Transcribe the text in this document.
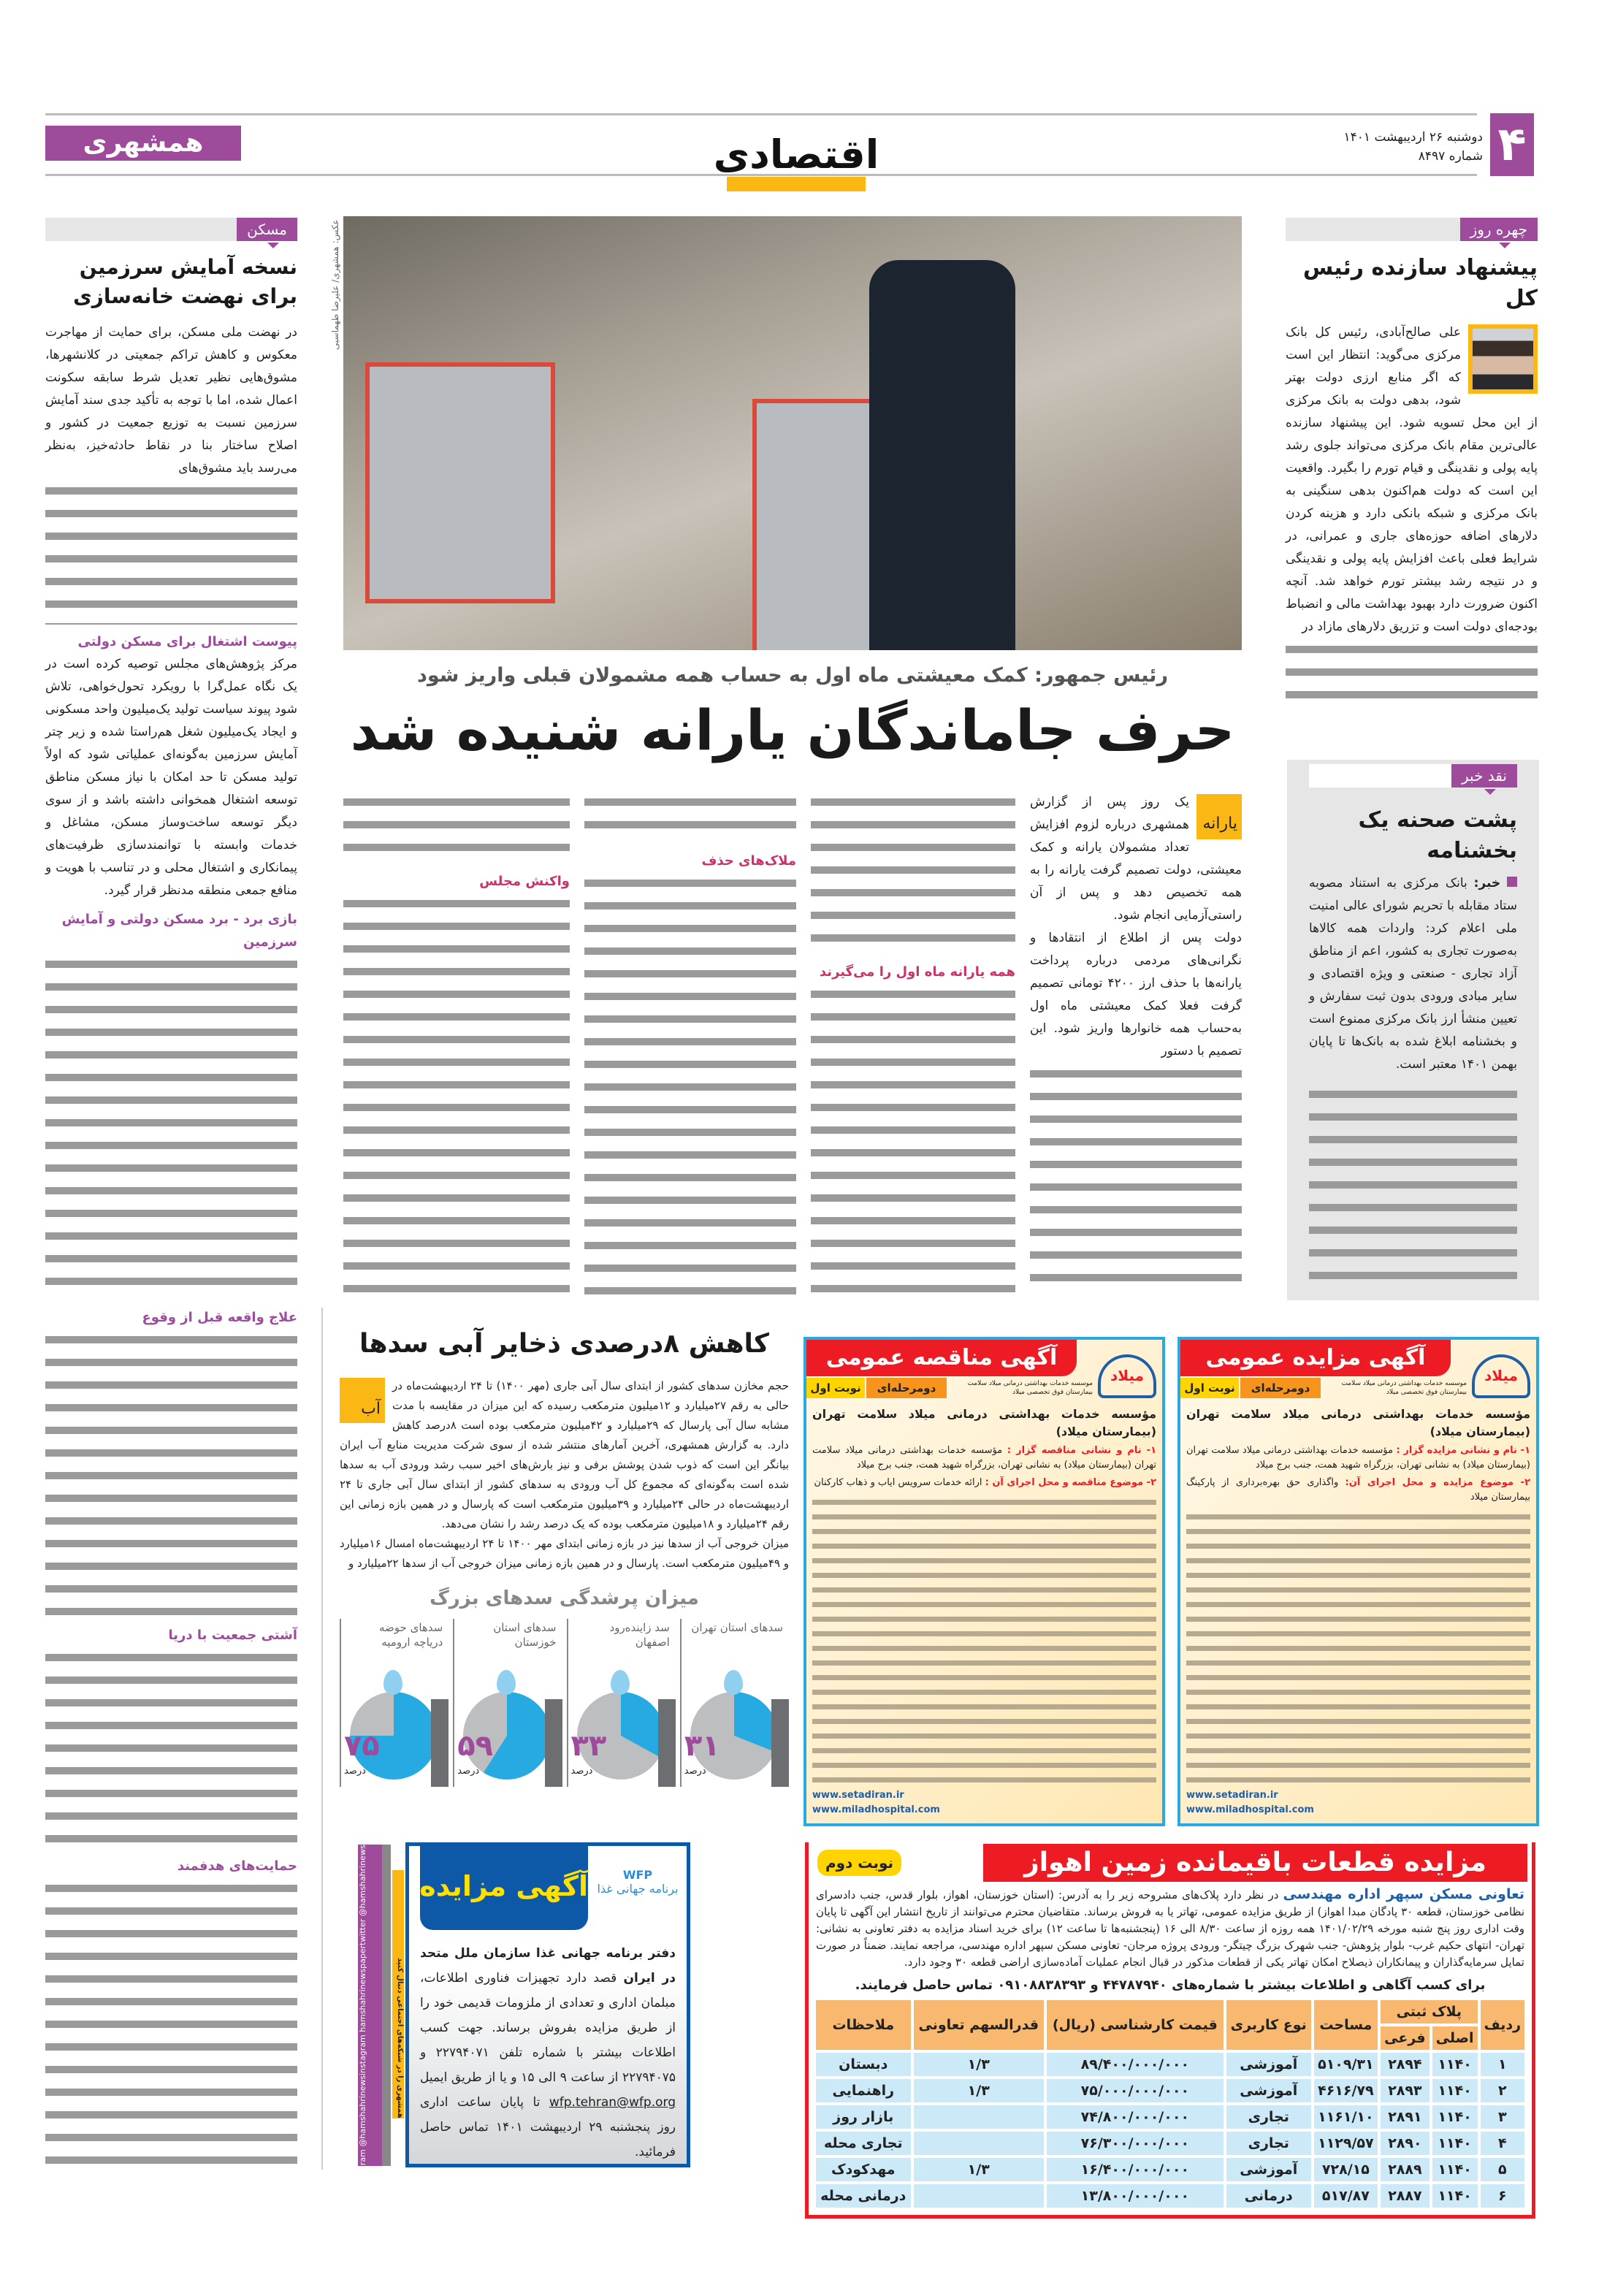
۴
دوشنبه ۲۶ اردیبهشت ۱۴۰۱
شماره ۸۴۹۷
اقتصادی
همشهری
چهره روز
پیشنهاد سازنده رئیس کل
علی صالح‌آبادی، رئیس کل بانک مرکزی می‌گوید: انتظار این است که اگر منابع ارزی دولت بهتر شود، بدهی دولت به بانک مرکزی از این محل تسویه شود. این پیشنهاد سازنده عالی‌ترین مقام بانک مرکزی می‌تواند جلوی رشد پایه پولی و نقدینگی و قیام تورم را بگیرد. واقعیت این است که دولت هم‌اکنون بدهی سنگینی به بانک مرکزی و شبکه بانکی دارد و هزینه کردن دلارهای اضافه حوزه‌های جاری و عمرانی، در شرایط فعلی باعث افزایش پایه پولی و نقدینگی و در نتیجه رشد بیشتر تورم خواهد شد. آنچه اکنون ضرورت دارد بهبود بهداشت مالی و انضباط بودجه‌ای دولت است و تزریق دلارهای مازاد در
نقد خبر
پشت صحنه یک بخشنامه
خبر: بانک مرکزی به استناد مصوبه ستاد مقابله با تحریم شورای عالی امنیت ملی اعلام کرد: واردات همه کالاها به‌صورت تجاری به کشور، اعم از مناطق آزاد تجاری - صنعتی و ویژه اقتصادی و سایر مبادی ورودی بدون ثبت سفارش و تعیین منشأ ارز بانک مرکزی ممنوع است و بخشنامه ابلاغ شده به بانک‌ها تا پایان بهمن ۱۴۰۱ معتبر است.
مسکن
نسخه آمایش سرزمین برای نهضت خانه‌سازی
در نهضت ملی مسکن، برای حمایت از مهاجرت معکوس و کاهش تراکم جمعیتی در کلانشهرها، مشوق‌هایی نظیر تعدیل شرط سابقه سکونت اعمال شده، اما با توجه به تأکید جدی سند آمایش سرزمین نسبت به توزیع جمعیت در کشور و اصلاح ساختار بنا در نقاط حادثه‌خیز، به‌نظر می‌رسد باید مشوق‌های
پیوست اشتغال برای مسکن دولتی
مرکز پژوهش‌های مجلس توصیه کرده است در یک نگاه عمل‌گرا با رویکرد تحول‌خواهی، تلاش شود پیوند سیاست تولید یک‌میلیون واحد مسکونی و ایجاد یک‌میلیون شغل هم‌راستا شده و زیر چتر آمایش سرزمین به‌گونه‌ای عملیاتی شود که اولاً تولید مسکن تا حد امکان با نیاز مسکن مناطق توسعه اشتغال همخوانی داشته باشد و از سوی دیگر توسعه ساخت‌وساز مسکن، مشاغل و خدمات وابسته با توانمندسازی ظرفیت‌های پیمانکاری و اشتغال محلی و در تناسب با هویت و منافع جمعی منطقه مدنظر قرار گیرد.
بازی برد - برد مسکن دولتی و آمایش سرزمین
علاج واقعه قبل از وقوع
آشتی جمعیت با دریا
حمایت‌های هدفمند
عکس: همشهری/ علیرضا طهماسبی
رئیس جمهور: کمک معیشتی ماه اول به حساب همه مشمولان قبلی واریز شود
حرف جاماندگان یارانه شنیده شد
یارانه
یک روز پس از گزارش همشهری درباره لزوم افزایش تعداد مشمولان یارانه و کمک معیشتی، دولت تصمیم گرفت یارانه را به همه تخصیص دهد و پس از آن راستی‌آزمایی انجام شود.
دولت پس از اطلاع از انتقادها و نگرانی‌های مردمی درباره پرداخت یارانه‌ها با حذف ارز ۴۲۰۰ تومانی تصمیم گرفت فعلا کمک معیشتی ماه اول به‌حساب همه خانوارها واریز شود. این تصمیم با دستور
همه یارانه ماه اول را می‌گیرند
ملاک‌های حذف
واکنش مجلس
کاهش ۸درصدی ذخایر آبی سدها
آب
حجم مخازن سدهای کشور از ابتدای سال آبی جاری (مهر ۱۴۰۰) تا ۲۴ اردیبهشت‌ماه در حالی به رقم ۲۷میلیارد و ۱۲میلیون مترمکعب رسیده که این میزان در مقایسه با مدت مشابه سال آبی پارسال که ۲۹میلیارد و ۴۲میلیون مترمکعب بوده است ۸درصد کاهش دارد. به گزارش همشهری، آخرین آمارهای منتشر شده از سوی شرکت مدیریت منابع آب ایران بیانگر این است که ذوب شدن پوشش برفی و نیز بارش‌های اخیر سبب رشد ورودی آب به سدها شده است به‌گونه‌ای که مجموع کل آب ورودی به سدهای کشور از ابتدای سال آبی جاری تا ۲۴ اردیبهشت‌ماه در حالی ۲۴میلیارد و ۳۹میلیون مترمکعب است که پارسال و در همین بازه زمانی این رقم ۲۴میلیارد و ۱۸میلیون مترمکعب بوده که یک درصد رشد را نشان می‌دهد.
میزان خروجی آب از سدها نیز در بازه زمانی ابتدای مهر ۱۴۰۰ تا ۲۴ اردیبهشت‌ماه امسال ۱۶میلیارد و ۴۹میلیون مترمکعب است. پارسال و در همین بازه زمانی میزان خروجی آب از سدها ۲۲میلیارد و
میزان پرشدگی سدهای بزرگ
سدهای استان تهران
۳۱
درصد
سد زاینده‌رود اصفهان
۳۳
درصد
سدهای استان خوزستان
۵۹
درصد
سدهای حوضه دریاچه ارومیه
۷۵
درصد
آگهی مناقصه عمومی
نوبت اول	دومرحله‌ای
میلاد
موسسه خدمات بهداشتی درمانی میلاد سلامت
بیمارستان فوق تخصصی میلاد
مؤسسه خدمات بهداشتی درمانی میلاد سلامت تهران (بیمارستان میلاد)
۱- نام و نشانی مناقصه گزار : مؤسسه خدمات بهداشتی درمانی میلاد سلامت تهران (بیمارستان میلاد) به نشانی تهران، بزرگراه شهید همت، جنب برج میلاد
۲- موضوع مناقصه و محل اجرای آن : ارائه خدمات سرویس ایاب و ذهاب کارکنان
www.setadiran.ir
www.miladhospital.com
آگهی مزایده عمومی
نوبت اول	دومرحله‌ای
میلاد
موسسه خدمات بهداشتی درمانی میلاد سلامت
بیمارستان فوق تخصصی میلاد
مؤسسه خدمات بهداشتی درمانی میلاد سلامت تهران (بیمارستان میلاد)
۱- نام و نشانی مزایده گزار : مؤسسه خدمات بهداشتی درمانی میلاد سلامت تهران (بیمارستان میلاد) به نشانی تهران، بزرگراه شهید همت، جنب برج میلاد
۲- موضوع مزایده و محل اجرای آن: واگذاری حق بهره‌برداری از پارکینگ بیمارستان میلاد
www.setadiran.ir
www.miladhospital.com
مزایده قطعات باقیمانده زمین اهواز
نوبت دوم
تعاونی مسکن سپهر اداره مهندسی در نظر دارد پلاک‌های مشروحه زیر را به آدرس: (استان خوزستان، اهواز، بلوار قدس، جنب دادسرای نظامی خوزستان، قطعه ۳۰ پادگان مبدا اهواز) از طریق مزایده عمومی، تهاتر یا به فروش برساند. متقاضیان محترم می‌توانند از تاریخ انتشار این آگهی تا پایان وقت اداری روز پنج شنبه مورخه ۱۴۰۱/۰۲/۲۹ همه روزه از ساعت ۸/۳۰ الی ۱۶ (پنجشنبه‌ها تا ساعت ۱۲) برای خرید اسناد مزایده به دفتر تعاونی به نشانی: تهران- انتهای حکیم غرب- بلوار پژوهش- جنب شهرک بزرگ چیتگر- ورودی پروژه مرجان- تعاونی مسکن سپهر اداره مهندسی، مراجعه نمایند. ضمناً در صورت تمایل سرمایه‌گذاران و پیمانکاران ذیصلاح امکان تهاتر یکی از قطعات مذکور در قبال انجام عملیات آماده‌سازی اراضی قطعه ۳۰ وجود دارد.
برای کسب آگاهی و اطلاعات بیشتر با شماره‌های ۴۴۷۸۷۹۴۰ و ۰۹۱۰۸۸۳۸۳۹۳ تماس حاصل فرمایند.
ردیف	پلاک ثبتی		مساحت	نوع کاربری	قیمت کارشناسی (ریال)	قدرالسهم تعاونی	ملاحظات
	اصلی	فرعی					
۱	۱۱۴۰	۲۸۹۴	۵۱۰۹/۳۱	آموزشی	۸۹/۴۰۰/۰۰۰/۰۰۰	۱/۳	دبستان
۲	۱۱۴۰	۲۸۹۳	۴۶۱۶/۷۹	آموزشی	۷۵/۰۰۰/۰۰۰/۰۰۰	۱/۳	راهنمایی
۳	۱۱۴۰	۲۸۹۱	۱۱۶۱/۱۰	تجاری	۷۴/۸۰۰/۰۰۰/۰۰۰		بازار روز
۴	۱۱۴۰	۲۸۹۰	۱۱۲۹/۵۷	تجاری	۷۶/۳۰۰/۰۰۰/۰۰۰		تجاری محله
۵	۱۱۴۰	۲۸۸۹	۷۲۸/۱۵	آموزشی	۱۶/۴۰۰/۰۰۰/۰۰۰	۱/۳	مهدکودک
۶	۱۱۴۰	۲۸۸۷	۵۱۷/۸۷	درمانی	۱۳/۸۰۰/۰۰۰/۰۰۰		درمانی محله
آگهی مزایده	WFP
برنامه جهانی غذا
دفتر برنامه جهانی غذا سازمان ملل متحد در ایران قصد دارد تجهیزات فناوری اطلاعات، مبلمان اداری و تعدادی از ملزومات قدیمی خود را از طریق مزایده بفروش برساند. جهت کسب اطلاعات بیشتر با شماره تلفن ۲۲۷۹۴۰۷۱ و ۲۲۷۹۴۰۷۵ از ساعت ۹ الی ۱۵ و یا از طریق ایمیل wfp.tehran@wfp.org تا پایان ساعت اداری روز پنجشنبه ۲۹ اردیبهشت ۱۴۰۱ تماس حاصل فرمائید.
twitter @hamshahrinews
instagram hamshahrinewspaper
telegram @hamshahrinews
همشهری را در شبکه‌های اجتماعی دنبال کنید
